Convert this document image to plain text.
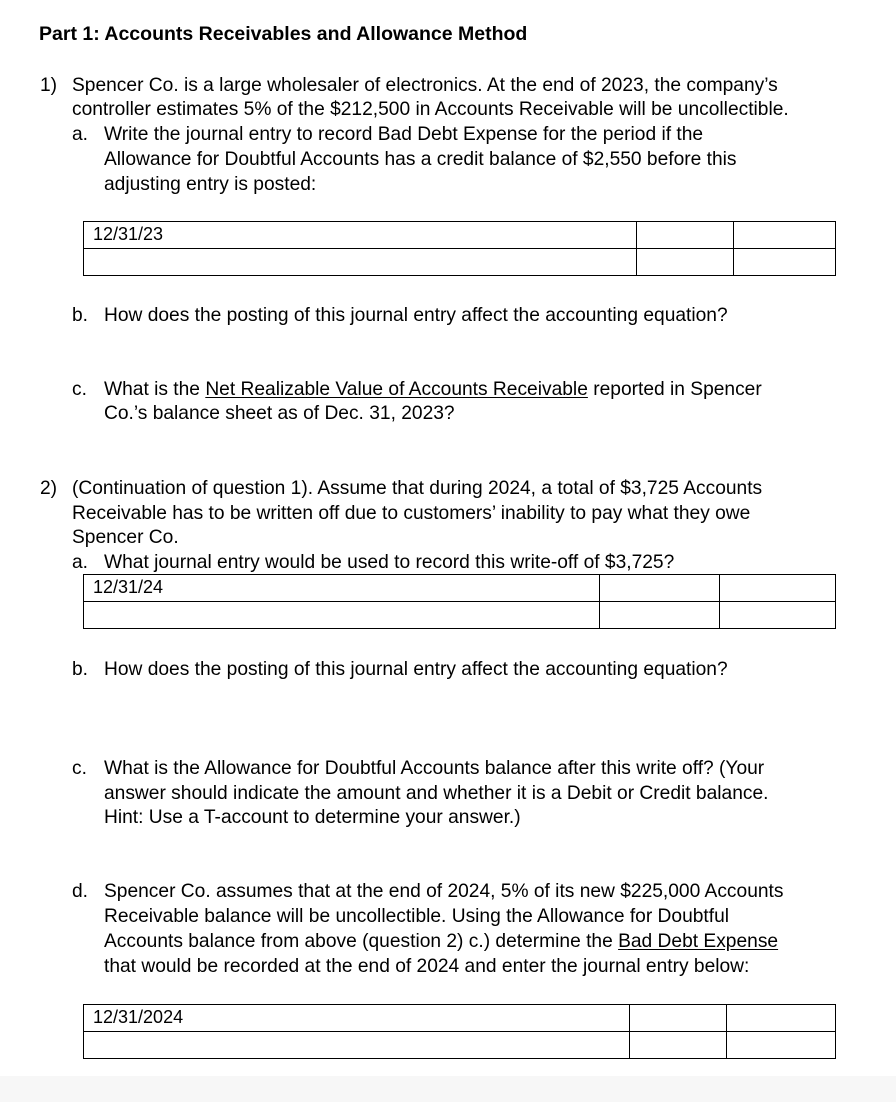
Part 1: Accounts Receivables and Allowance Method
1) Spencer Co. is a large wholesaler of electronics. At the end of 2023, the company’s
controller estimates 5% of the $212,500 in Accounts Receivable will be uncollectible.
a. Write the journal entry to record Bad Debt Expense for the period if the
Allowance for Doubtful Accounts has a credit balance of $2,550 before this
adjusting entry is posted:
12/31/23		

b. How does the posting of this journal entry affect the accounting equation?
c. What is the Net Realizable Value of Accounts Receivable reported in Spencer
Co.’s balance sheet as of Dec. 31, 2023?
2) (Continuation of question 1). Assume that during 2024, a total of $3,725 Accounts
Receivable has to be written off due to customers’ inability to pay what they owe
Spencer Co.
a. What journal entry would be used to record this write-off of $3,725?
12/31/24		

b. How does the posting of this journal entry affect the accounting equation?
c. What is the Allowance for Doubtful Accounts balance after this write off? (Your
answer should indicate the amount and whether it is a Debit or Credit balance.
Hint: Use a T-account to determine your answer.)
d. Spencer Co. assumes that at the end of 2024, 5% of its new $225,000 Accounts
Receivable balance will be uncollectible. Using the Allowance for Doubtful
Accounts balance from above (question 2) c.) determine the Bad Debt Expense
that would be recorded at the end of 2024 and enter the journal entry below:
12/31/2024		
